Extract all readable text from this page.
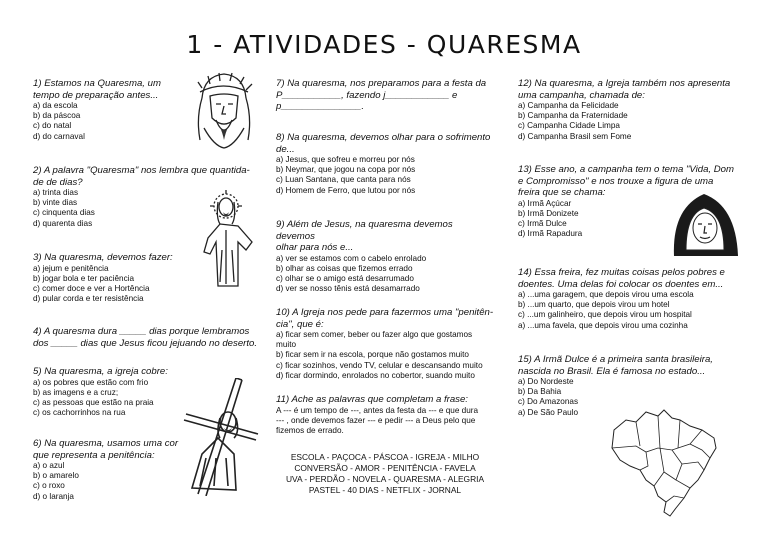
1 - ATIVIDADES - QUARESMA

1) Estamos na Quaresma, um

tempo de preparação antes...

a) da escola

b) da páscoa

c) do natal

d) do carnaval

2) A palavra "Quaresma" nos lembra que quantida-

de de dias?

a) trinta dias

b) vinte dias

c) cinquenta dias

d) quarenta dias

3) Na quaresma, devemos fazer:

a) jejum e penitência

b) jogar bola e ter paciência

c) comer doce e ver a Hortência

d) pular corda e ter resistência

4) A quaresma dura _____ dias porque lembramos

dos _____ dias que Jesus ficou jejuando no deserto.

5) Na quaresma, a igreja cobre:

a) os pobres que estão com frio

b) as imagens e a cruz;

c) as pessoas que estão na praia

c) os cachorrinhos na rua

6) Na quaresma, usamos uma cor

que representa a penitência:

a) o azul

b) o amarelo

c) o roxo

d) o laranja

7) Na quaresma, nos preparamos para a festa da

P___________, fazendo j____________ e

p_______________.

8) Na quaresma, devemos olhar para o sofrimento

de...

a) Jesus, que sofreu e morreu por nós

b) Neymar, que jogou na copa por nós

c) Luan Santana, que canta para nós

d) Homem de Ferro, que lutou por nós

9) Além de Jesus, na quaresma devemos devemos

olhar para nós e...

a) ver se estamos com o cabelo enrolado

b) olhar as coisas que fizemos errado

c) olhar se o amigo está desarrumado

d) ver se nosso tênis está desamarrado

10) A Igreja nos pede para fazermos uma "penitên-

cia", que é:

a) ficar sem comer, beber ou fazer algo que gostamos muito

b) ficar sem ir na escola, porque não gostamos muito

c) ficar sozinhos, vendo TV, celular e descansando muito

d) ficar dormindo, enrolados no cobertor, suando muito

11) Ache as palavras que completam a frase:

A --- é um tempo de ---, antes da festa da --- e que dura

--- , onde devemos fazer --- e pedir --- a Deus pelo que

fizemos de errado.

ESCOLA - PAÇOCA - PÁSCOA - IGREJA - MILHO

CONVERSÃO - AMOR - PENITÊNCIA - FAVELA

UVA - PERDÃO - NOVELA - QUARESMA - ALEGRIA

PASTEL - 40 DIAS - NETFLIX - JORNAL

12) Na quaresma, a Igreja também nos apresenta

uma campanha, chamada de:

a) Campanha da Felicidade

b) Campanha da Fraternidade

c) Campanha Cidade Limpa

d) Campanha Brasil sem Fome

13) Esse ano, a campanha tem o tema "Vida, Dom

e Compromisso" e nos trouxe a figura de uma

freira que se chama:

a) Irmã Açúcar

b) Irmã Donizete

c) Irmã Dulce

d) Irmã Rapadura

14) Essa freira, fez muitas coisas pelos pobres e

doentes. Uma delas foi colocar os doentes em...

a) ...uma garagem, que depois virou uma escola

b) ...um quarto, que depois virou um hotel

c) ...um galinheiro, que depois virou um hospital

a) ...uma favela, que depois virou uma cozinha

15) A Irmã Dulce é a primeira santa brasileira,

nascida no Brasil. Ela é famosa no estado...

a) Do Nordeste

b) Da Bahia

c) Do Amazonas

a) De São Paulo
